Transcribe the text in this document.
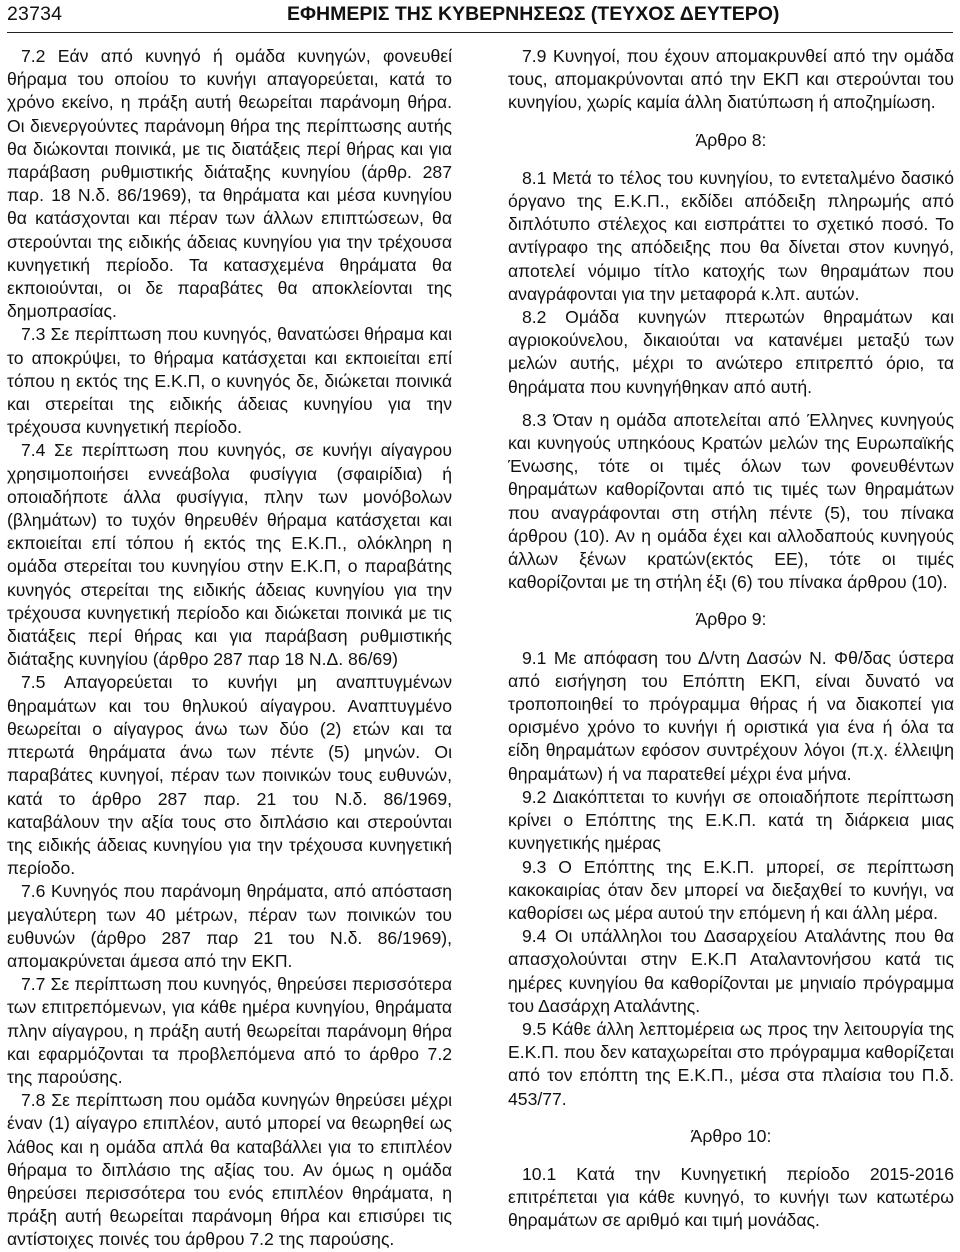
23734	ΕΦΗΜΕΡΙΣ ΤΗΣ ΚΥΒΕΡΝΗΣΕΩΣ (ΤΕΥΧΟΣ ΔΕΥΤΕΡΟ)

7.2 Εάν από κυνηγό ή ομάδα κυνηγών, φονευθεί θήραμα του οποίου το κυνήγι απαγορεύεται, κατά το χρόνο εκείνο, η πράξη αυτή θεωρείται παράνομη θήρα. Οι διενεργούντες παράνομη θήρα της περίπτωσης αυτής θα διώκονται ποινικά, με τις διατάξεις περί θήρας και για παράβαση ρυθμιστικής διάταξης κυνηγίου (άρθρ. 287 παρ. 18 Ν.δ. 86/1969), τα θηράματα και μέσα κυνηγίου θα κατάσχονται και πέραν των άλλων επιπτώσεων, θα στερούνται της ειδικής άδειας κυνηγίου για την τρέχουσα κυνηγετική περίοδο. Τα κατασχεμένα θηράματα θα εκποιούνται, οι δε παραβάτες θα αποκλείονται της δημοπρασίας.

7.3 Σε περίπτωση που κυνηγός, θανατώσει θήραμα και το αποκρύψει, το θήραμα κατάσχεται και εκποιείται επί τόπου η εκτός της Ε.Κ.Π, ο κυνηγός δε, διώκεται ποινικά και στερείται της ειδικής άδειας κυνηγίου για την τρέχουσα κυνηγετική περίοδο.

7.4 Σε περίπτωση που κυνηγός, σε κυνήγι αίγαγρου χρησιμοποιήσει εννεάβολα φυσίγγια (σφαιρίδια) ή οποιαδήποτε άλλα φυσίγγια, πλην των μονόβολων (βλημάτων) το τυχόν θηρευθέν θήραμα κατάσχεται και εκποιείται επί τόπου ή εκτός της Ε.Κ.Π., ολόκληρη η ομάδα στερείται του κυνηγίου στην Ε.Κ.Π, ο παραβάτης κυνηγός στερείται της ειδικής άδειας κυνηγίου για την τρέχουσα κυνηγετική περίοδο και διώκεται ποινικά με τις διατάξεις περί θήρας και για παράβαση ρυθμιστικής διάταξης κυνηγίου (άρθρο 287 παρ 18 Ν.Δ. 86/69)

7.5 Απαγορεύεται το κυνήγι μη αναπτυγμένων θηραμάτων και του θηλυκού αίγαγρου. Αναπτυγμένο θεωρείται ο αίγαγρος άνω των δύο (2) ετών και τα πτερωτά θηράματα άνω των πέντε (5) μηνών. Οι παραβάτες κυνηγοί, πέραν των ποινικών τους ευθυνών, κατά το άρθρο 287 παρ. 21 του Ν.δ. 86/1969, καταβάλουν την αξία τους στο διπλάσιο και στερούνται της ειδικής άδειας κυνηγίου για την τρέχουσα κυνηγετική περίοδο.

7.6 Κυνηγός που παράνομη θηράματα, από απόσταση μεγαλύτερη των 40 μέτρων, πέραν των ποινικών του ευθυνών (άρθρο 287 παρ 21 του Ν.δ. 86/1969), απομακρύνεται άμεσα από την ΕΚΠ.

7.7 Σε περίπτωση που κυνηγός, θηρεύσει περισσότερα των επιτρεπόμενων, για κάθε ημέρα κυνηγίου, θηράματα πλην αίγαγρου, η πράξη αυτή θεωρείται παράνομη θήρα και εφαρμόζονται τα προβλεπόμενα από το άρθρο 7.2 της παρούσης.

7.8 Σε περίπτωση που ομάδα κυνηγών θηρεύσει μέχρι έναν (1) αίγαγρο επιπλέον, αυτό μπορεί να θεωρηθεί ως λάθος και η ομάδα απλά θα καταβάλλει για το επιπλέον θήραμα το διπλάσιο της αξίας του. Αν όμως η ομάδα θηρεύσει περισσότερα του ενός επιπλέον θηράματα, η πράξη αυτή θεωρείται παράνομη θήρα και επισύρει τις αντίστοιχες ποινές του άρθρου 7.2 της παρούσης.

7.9 Κυνηγοί, που έχουν απομακρυνθεί από την ομάδα τους, απομακρύνονται από την ΕΚΠ και στερούνται του κυνηγίου, χωρίς καμία άλλη διατύπωση ή αποζημίωση.

Άρθρο 8:

8.1 Μετά το τέλος του κυνηγίου, το εντεταλμένο δασικό όργανο της Ε.Κ.Π., εκδίδει απόδειξη πληρωμής από διπλότυπο στέλεχος και εισπράττει το σχετικό ποσό. Το αντίγραφο της απόδειξης που θα δίνεται στον κυνηγό, αποτελεί νόμιμο τίτλο κατοχής των θηραμάτων που αναγράφονται για την μεταφορά κ.λπ. αυτών.

8.2 Ομάδα κυνηγών πτερωτών θηραμάτων και αγριοκούνελου, δικαιούται να κατανέμει μεταξύ των μελών αυτής, μέχρι το ανώτερο επιτρεπτό όριο, τα θηράματα που κυνηγήθηκαν από αυτή.

8.3 Όταν η ομάδα αποτελείται από Έλληνες κυνηγούς και κυνηγούς υπηκόους Κρατών μελών της Ευρωπαϊκής Ένωσης, τότε οι τιμές όλων των φονευθέντων θηραμάτων καθορίζονται από τις τιμές των θηραμάτων που αναγράφονται στη στήλη πέντε (5), του πίνακα άρθρου (10). Αν η ομάδα έχει και αλλοδαπούς κυνηγούς άλλων ξένων κρατών(εκτός ΕΕ), τότε οι τιμές καθορίζονται με τη στήλη έξι (6) του πίνακα άρθρου (10).

Άρθρο 9:

9.1 Με απόφαση του Δ/ντη Δασών Ν. Φθ/δας ύστερα από εισήγηση του Επόπτη ΕΚΠ, είναι δυνατό να τροποποιηθεί το πρόγραμμα θήρας ή να διακοπεί για ορισμένο χρόνο το κυνήγι ή οριστικά για ένα ή όλα τα είδη θηραμάτων εφόσον συντρέχουν λόγοι (π.χ. έλλειψη θηραμάτων) ή να παρατεθεί μέχρι ένα μήνα.

9.2 Διακόπτεται το κυνήγι σε οποιαδήποτε περίπτωση κρίνει ο Επόπτης της Ε.Κ.Π. κατά τη διάρκεια μιας κυνηγετικής ημέρας

9.3 Ο Επόπτης της Ε.Κ.Π. μπορεί, σε περίπτωση κακοκαιρίας όταν δεν μπορεί να διεξαχθεί το κυνήγι, να καθορίσει ως μέρα αυτού την επόμενη ή και άλλη μέρα.

9.4 Οι υπάλληλοι του Δασαρχείου Αταλάντης που θα απασχολούνται στην Ε.Κ.Π Αταλαντονήσου κατά τις ημέρες κυνηγίου θα καθορίζονται με μηνιαίο πρόγραμμα του Δασάρχη Αταλάντης.

9.5 Κάθε άλλη λεπτομέρεια ως προς την λειτουργία της Ε.Κ.Π. που δεν καταχωρείται στο πρόγραμμα καθορίζεται από τον επόπτη της Ε.Κ.Π., μέσα στα πλαίσια του Π.δ. 453/77.

Άρθρο 10:

10.1 Κατά την Κυνηγετική περίοδο 2015-2016 επιτρέπεται για κάθε κυνηγό, το κυνήγι των κατωτέρω θηραμάτων σε αριθμό και τιμή μονάδας.
